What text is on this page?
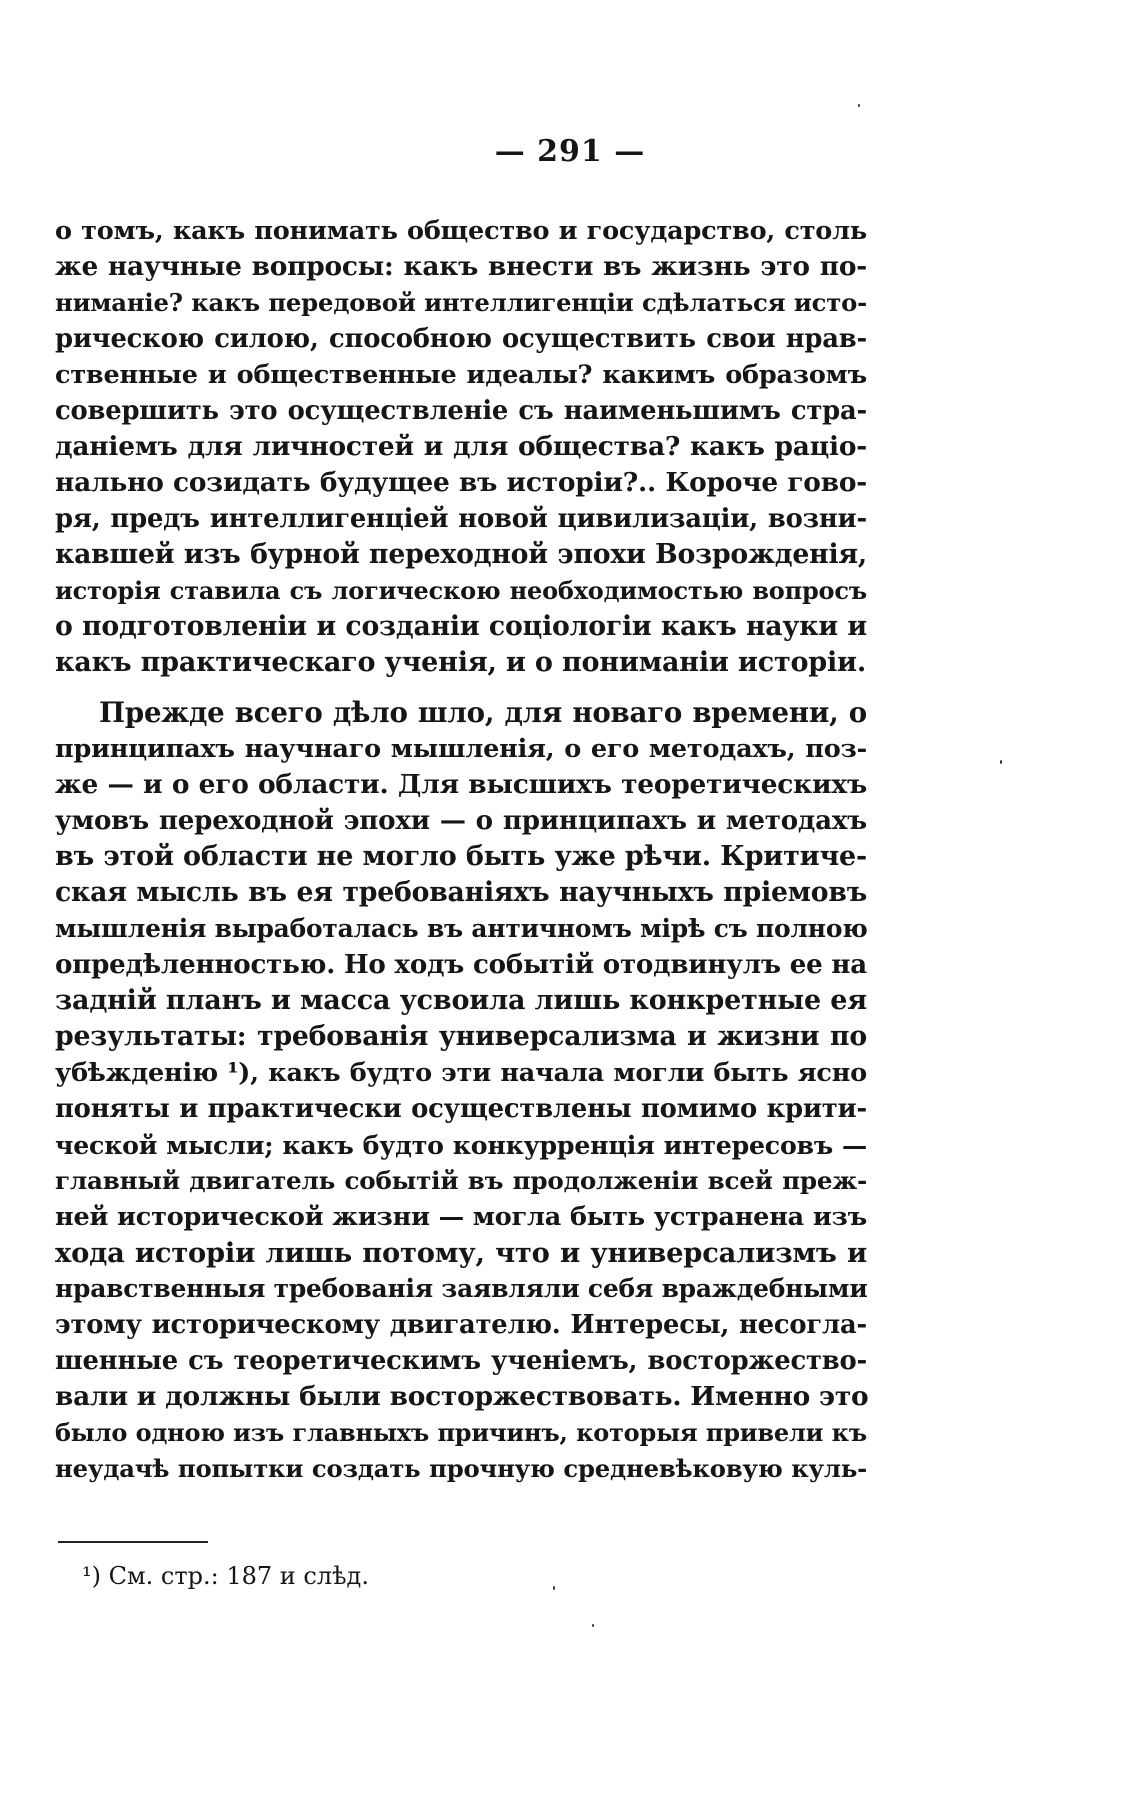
— 291 —
о томъ, какъ понимать общество и государство, столь
же научные вопросы: какъ внести въ жизнь это по-
ниманіе? какъ передовой интеллигенціи сдѣлаться исто-
рическою силою, способною осуществить свои нрав-
ственные и общественные идеалы? какимъ образомъ
совершить это осуществленіе съ наименьшимъ стра-
даніемъ для личностей и для общества? какъ раціо-
нально созидать будущее въ исторіи?.. Короче гово-
ря, предъ интеллигенціей новой цивилизаціи, возни-
кавшей изъ бурной переходной эпохи Возрожденія,
исторія ставила съ логическою необходимостью вопросъ
о подготовленіи и созданіи соціологіи какъ науки и
какъ практическаго ученія, и о пониманіи исторіи.
Прежде всего дѣло шло, для новаго времени, о
принципахъ научнаго мышленія, о его методахъ, поз-
же — и о его области. Для высшихъ теоретическихъ
умовъ переходной эпохи — о принципахъ и методахъ
въ этой области не могло быть уже рѣчи. Критиче-
ская мысль въ ея требованіяхъ научныхъ пріемовъ
мышленія выработалась въ античномъ мірѣ съ полною
опредѣленностью. Но ходъ событій отодвинулъ ее на
задній планъ и масса усвоила лишь конкретные ея
результаты: требованія универсализма и жизни по
убѣжденію ¹), какъ будто эти начала могли быть ясно
поняты и практически осуществлены помимо крити-
ческой мысли; какъ будто конкурренція интересовъ —
главный двигатель событій въ продолженіи всей преж-
ней исторической жизни — могла быть устранена изъ
хода исторіи лишь потому, что и универсализмъ и
нравственныя требованія заявляли себя враждебными
этому историческому двигателю. Интересы, несогла-
шенные съ теоретическимъ ученіемъ, восторжество-
вали и должны были восторжествовать. Именно это
было одною изъ главныхъ причинъ, которыя привели къ
неудачѣ попытки создать прочную средневѣковую куль-
¹) См. стр.: 187 и слѣд.
